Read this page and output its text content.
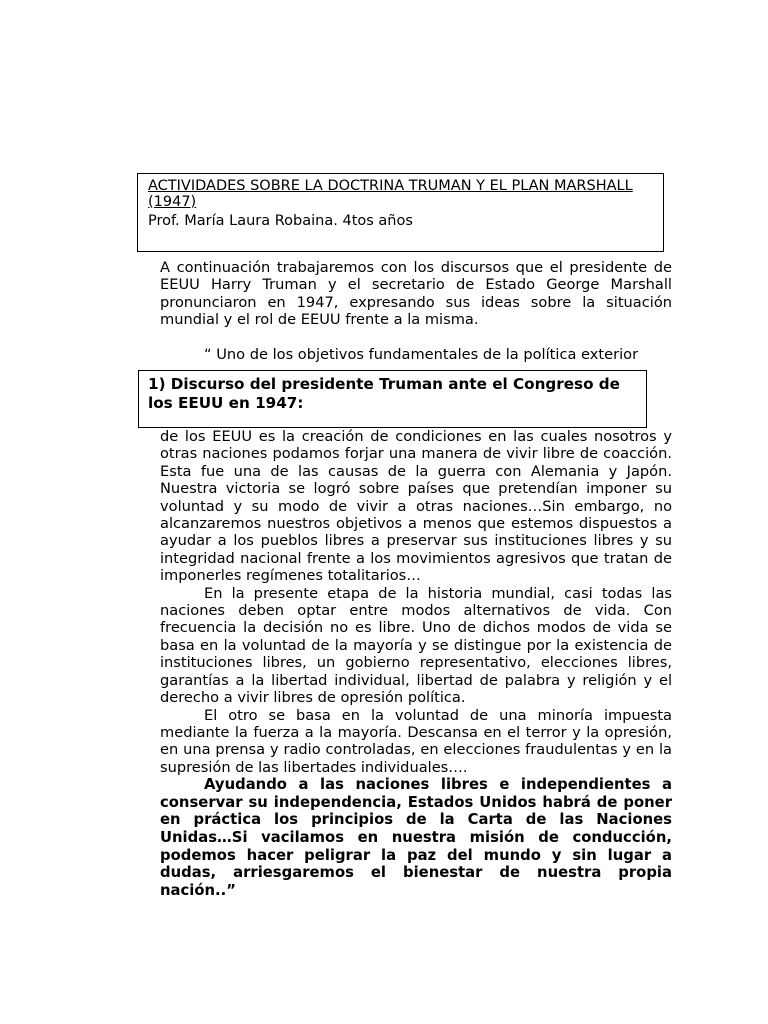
ACTIVIDADES SOBRE LA DOCTRINA TRUMAN Y EL PLAN MARSHALL (1947)
Prof. María Laura Robaina. 4tos años

A continuación trabajaremos con los discursos que el presidente de EEUU Harry Truman y el secretario de Estado George Marshall pronunciaron en 1947, expresando sus ideas sobre la situación mundial y el rol de EEUU frente a la misma.

“ Uno de los objetivos fundamentales de la política exterior

1) Discurso del presidente Truman ante el Congreso de los EEUU en 1947:

de los EEUU es la creación de condiciones en las cuales nosotros y otras naciones podamos forjar una manera de vivir libre de coacción. Esta fue una de las causas de la guerra con Alemania y Japón. Nuestra victoria se logró sobre países que pretendían imponer su voluntad y su modo de vivir a otras naciones…Sin embargo, no alcanzaremos nuestros objetivos a menos que estemos dispuestos a ayudar a los pueblos libres a preservar sus instituciones libres y su integridad nacional frente a los movimientos agresivos que tratan de imponerles regímenes totalitarios…

En la presente etapa de la historia mundial, casi todas las naciones deben optar entre modos alternativos de vida. Con frecuencia la decisión no es libre. Uno de dichos modos de vida se basa en la voluntad de la mayoría y se distingue por la existencia de instituciones libres, un gobierno representativo, elecciones libres, garantías a la libertad individual, libertad de palabra y religión y el derecho a vivir libres de opresión política.

El otro se basa en la voluntad de una minoría impuesta mediante la fuerza a la mayoría. Descansa en el terror y la opresión, en una prensa y radio controladas, en elecciones fraudulentas y en la supresión de las libertades individuales….

Ayudando a las naciones libres e independientes a conservar su independencia, Estados Unidos habrá de poner en práctica los principios de la Carta de las Naciones Unidas…Si vacilamos en nuestra misión de conducción, podemos hacer peligrar la paz del mundo y sin lugar a dudas, arriesgaremos el bienestar de nuestra propia nación..”
